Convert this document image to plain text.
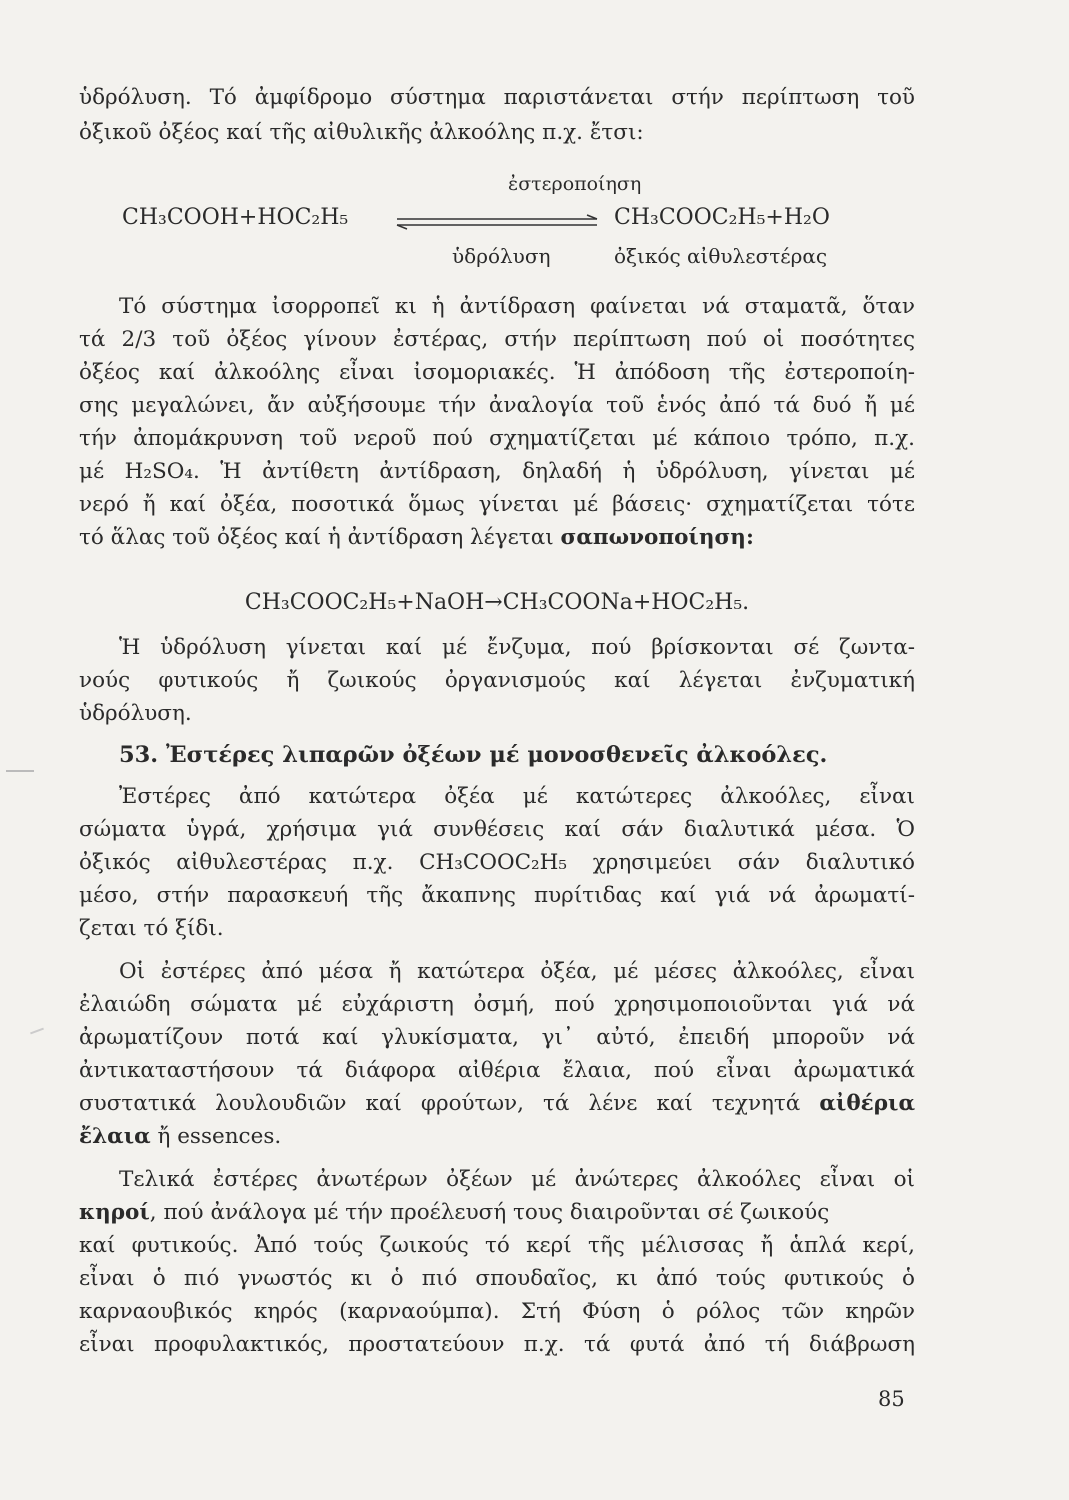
ὑδρόλυση. Τό ἀμφίδρομο σύστημα παριστάνεται στήν περίπτωση τοῦ
ὀξικοῦ ὀξέος καί τῆς αἰθυλικῆς ἀλκοόλης π.χ. ἔτσι:
ἐστεροποίηση
CH₃COOH+HOC₂H₅	CH₃COOC₂H₅+H₂O
ὑδρόλυση	ὀξικός αἰθυλεστέρας
Τό σύστημα ἰσορροπεῖ κι ἡ ἀντίδραση φαίνεται νά σταματᾶ, ὅταν
τά 2/3 τοῦ ὀξέος γίνουν ἐστέρας, στήν περίπτωση πού οἱ ποσότητες
ὀξέος καί ἀλκοόλης εἶναι ἰσομοριακές. Ἡ ἀπόδοση τῆς ἐστεροποίη-
σης μεγαλώνει, ἄν αὐξήσουμε τήν ἀναλογία τοῦ ἑνός ἀπό τά δυό ἤ μέ
τήν ἀπομάκρυνση τοῦ νεροῦ πού σχηματίζεται μέ κάποιο τρόπο, π.χ.
μέ H₂SO₄. Ἡ ἀντίθετη ἀντίδραση, δηλαδή ἡ ὑδρόλυση, γίνεται μέ
νερό ἤ καί ὀξέα, ποσοτικά ὅμως γίνεται μέ βάσεις· σχηματίζεται τότε
τό ἅλας τοῦ ὀξέος καί ἡ ἀντίδραση λέγεται σαπωνοποίηση:
CH₃COOC₂H₅+NaOH→CH₃COONa+HOC₂H₅.
Ἡ ὑδρόλυση γίνεται καί μέ ἔνζυμα, πού βρίσκονται σέ ζωντα-
νούς φυτικούς ἤ ζωικούς ὀργανισμούς καί λέγεται ἐνζυματική
ὑδρόλυση.
53. Ἐστέρες λιπαρῶν ὀξέων μέ μονοσθενεῖς ἀλκοόλες.
Ἐστέρες ἀπό κατώτερα ὀξέα μέ κατώτερες ἀλκοόλες, εἶναι
σώματα ὑγρά, χρήσιμα γιά συνθέσεις καί σάν διαλυτικά μέσα. Ὁ
ὀξικός αἰθυλεστέρας π.χ. CH₃COOC₂H₅ χρησιμεύει σάν διαλυτικό
μέσο, στήν παρασκευή τῆς ἄκαπνης πυρίτιδας καί γιά νά ἀρωματί-
ζεται τό ξίδι.
Οἱ ἐστέρες ἀπό μέσα ἤ κατώτερα ὀξέα, μέ μέσες ἀλκοόλες, εἶναι
ἐλαιώδη σώματα μέ εὐχάριστη ὀσμή, πού χρησιμοποιοῦνται γιά νά
ἀρωματίζουν ποτά καί γλυκίσματα, γι᾽ αὐτό, ἐπειδή μποροῦν νά
ἀντικαταστήσουν τά διάφορα αἰθέρια ἔλαια, πού εἶναι ἀρωματικά
συστατικά λουλουδιῶν καί φρούτων, τά λένε καί τεχνητά αἰθέρια
ἔλαια ἤ essences.
Τελικά ἐστέρες ἀνωτέρων ὀξέων μέ ἀνώτερες ἀλκοόλες εἶναι οἱ
κηροί, πού ἀνάλογα μέ τήν προέλευσή τους διαιροῦνται σέ ζωικούς
καί φυτικούς. Ἀπό τούς ζωικούς τό κερί τῆς μέλισσας ἤ ἁπλά κερί,
εἶναι ὁ πιό γνωστός κι ὁ πιό σπουδαῖος, κι ἀπό τούς φυτικούς ὁ
καρναουβικός κηρός (καρναούμπα). Στή Φύση ὁ ρόλος τῶν κηρῶν
εἶναι προφυλακτικός, προστατεύουν π.χ. τά φυτά ἀπό τή διάβρωση
85
